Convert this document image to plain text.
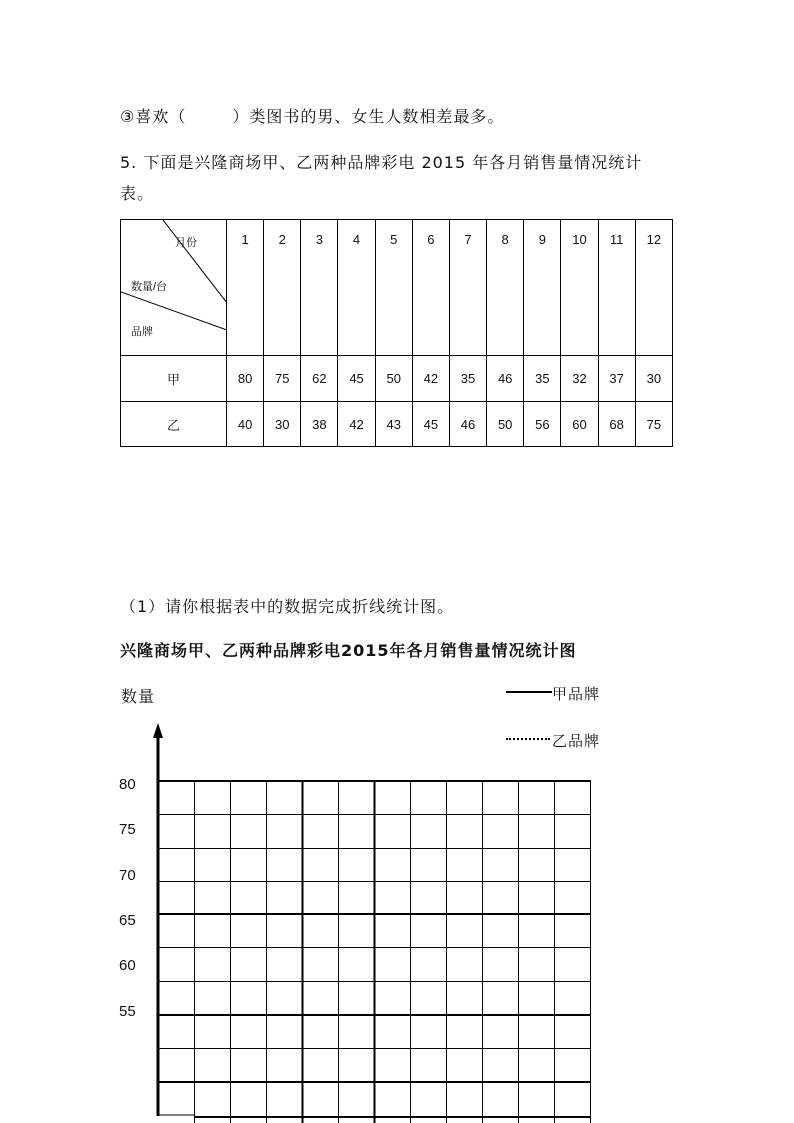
③喜欢（	）类图书的男、女生人数相差最多。
5. 下面是兴隆商场甲、乙两种品牌彩电 2015 年各月销售量情况统计
表。
月份
数量/台
品牌	1	2	3	4	5	6	7	8	9	10	11	12
甲	80	75	62	45	50	42	35	46	35	32	37	30
乙	40	30	38	42	43	45	46	50	56	60	68	75
（1）请你根据表中的数据完成折线统计图。
兴隆商场甲、乙两种品牌彩电2015年各月销售量情况统计图
数量	甲品牌
乙品牌
80
75
70
65
60
55
